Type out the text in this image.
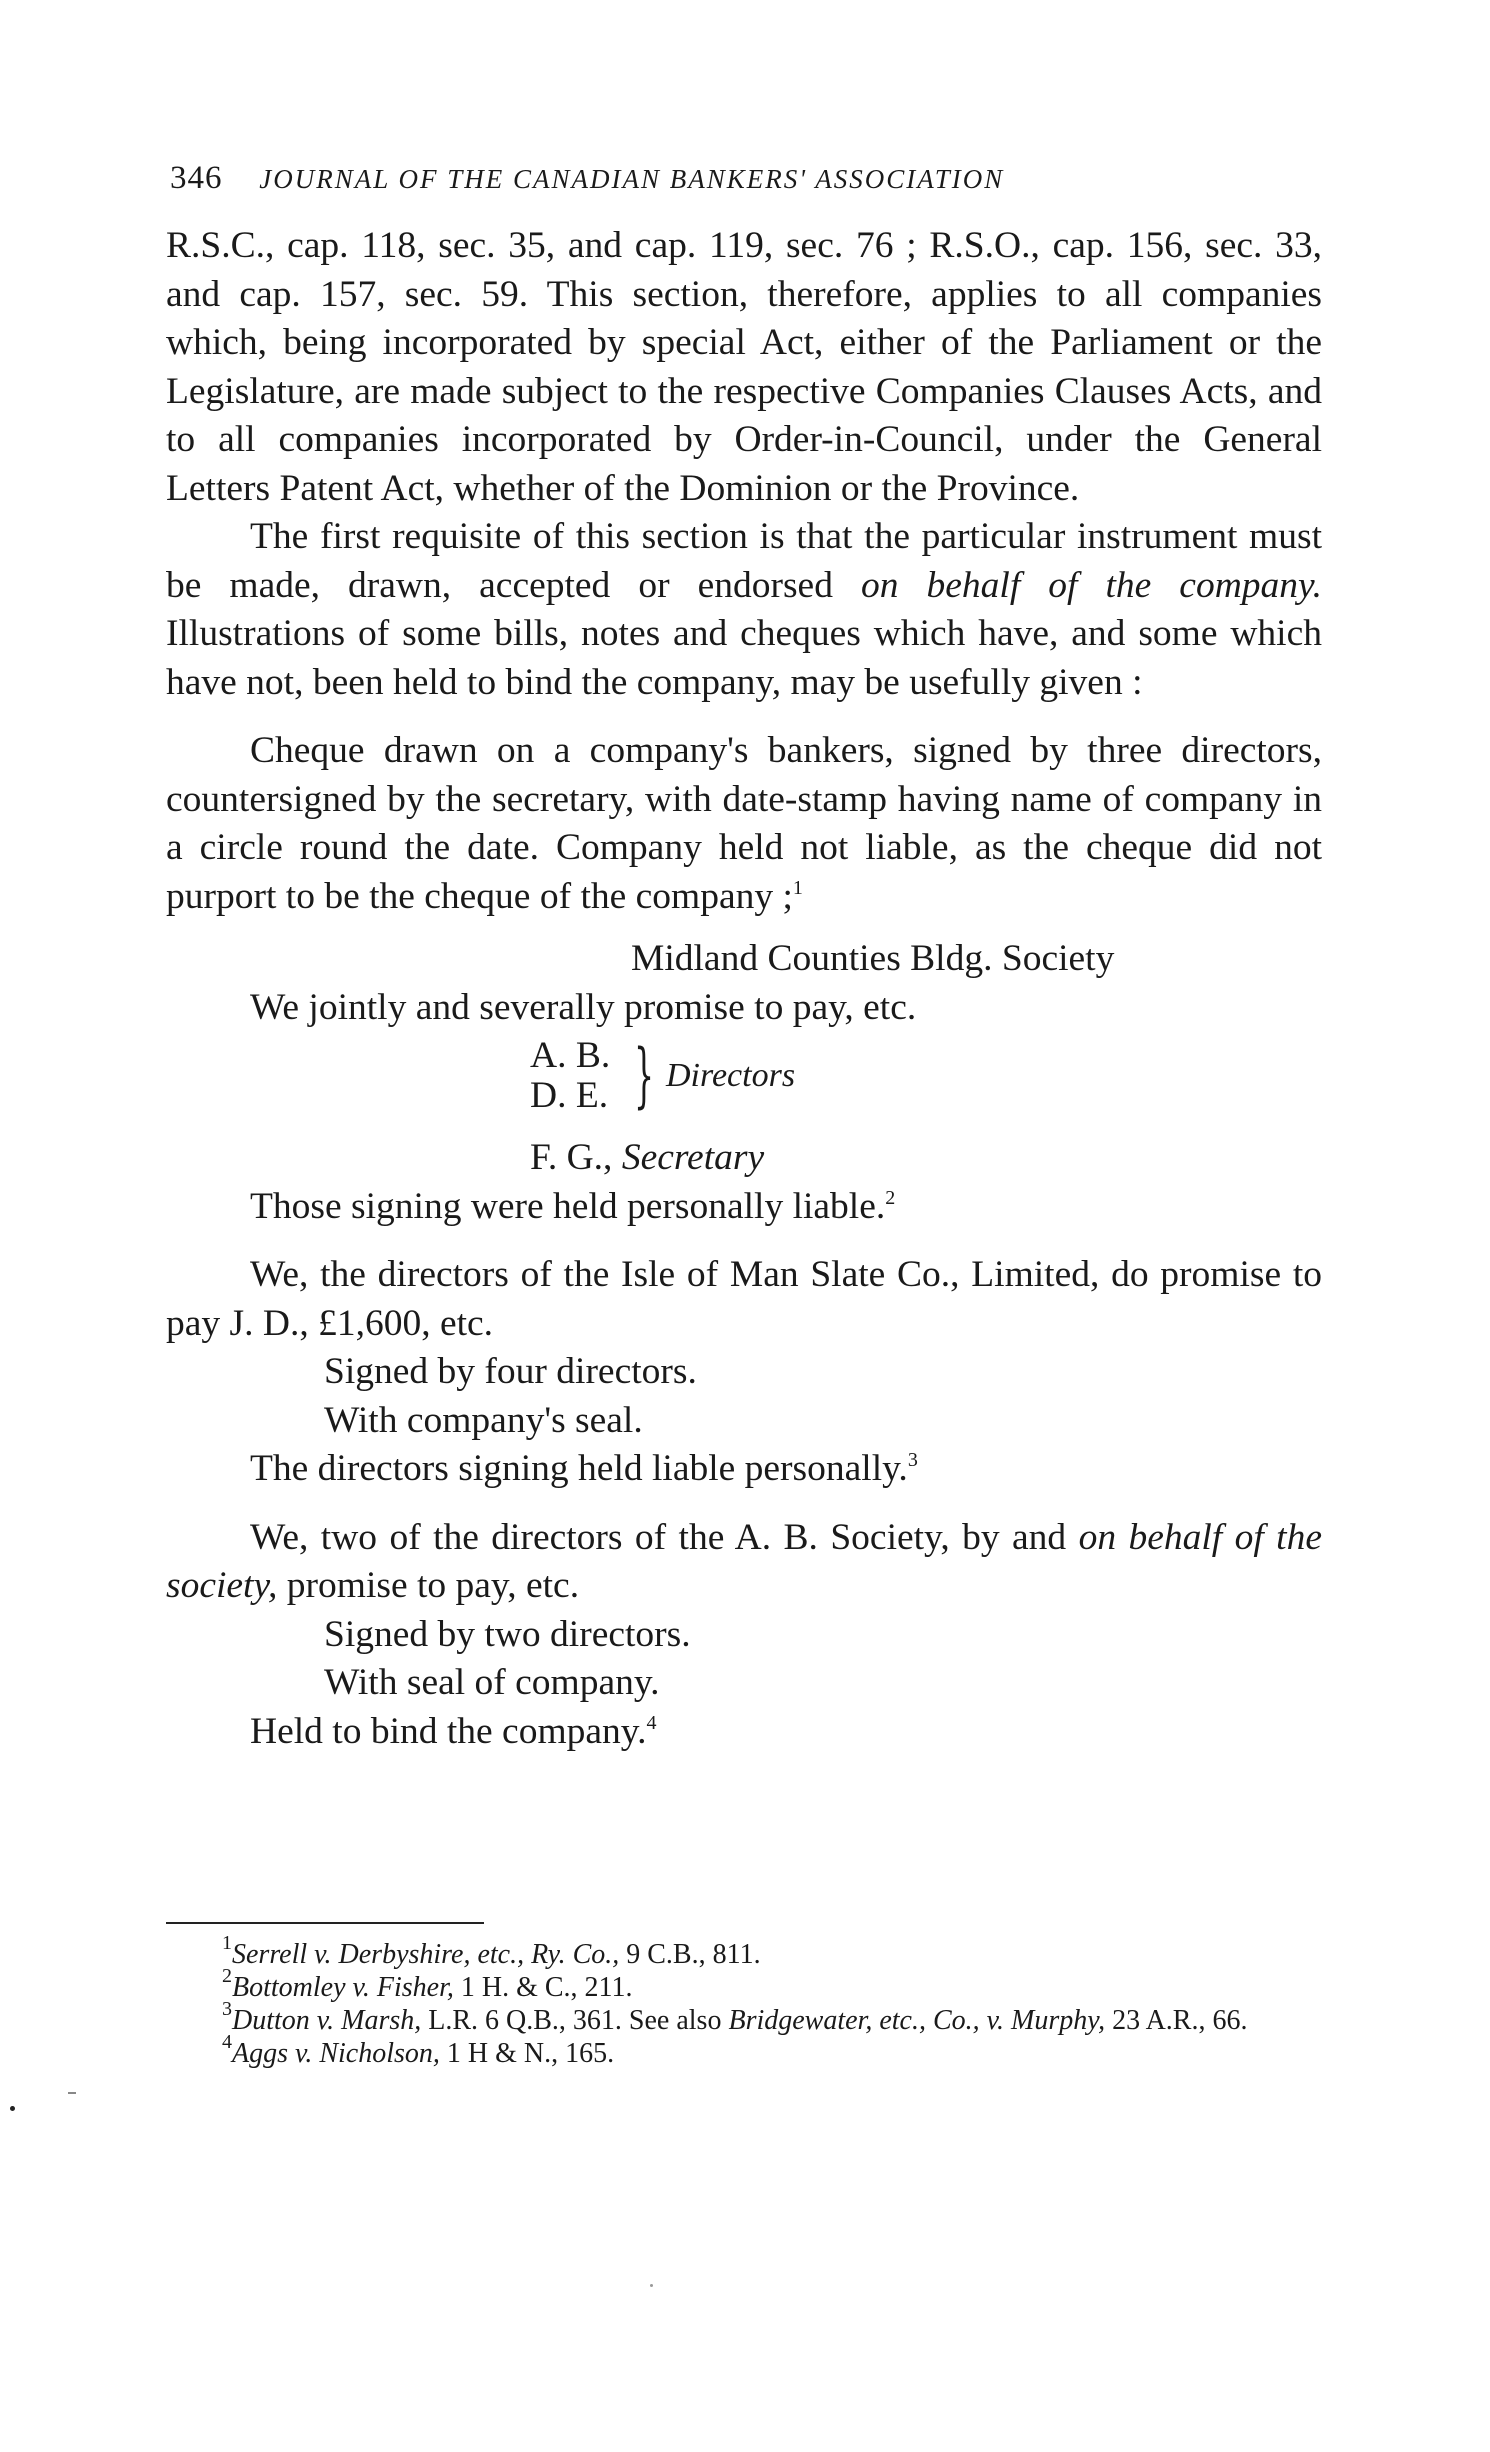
346 JOURNAL OF THE CANADIAN BANKERS' ASSOCIATION

R.S.C., cap. 118, sec. 35, and cap. 119, sec. 76 ; R.S.O., cap. 156, sec. 33, and cap. 157, sec. 59. This section, therefore, applies to all companies which, being incorporated by special Act, either of the Parliament or the Legislature, are made subject to the respective Companies Clauses Acts, and to all companies incorporated by Order-in-Council, under the General Letters Patent Act, whether of the Dominion or the Province.

The first requisite of this section is that the particular instrument must be made, drawn, accepted or endorsed on behalf of the company. Illustrations of some bills, notes and cheques which have, and some which have not, been held to bind the company, may be usefully given :

Cheque drawn on a company's bankers, signed by three directors, countersigned by the secretary, with date-stamp having name of company in a circle round the date. Company held not liable, as the cheque did not purport to be the cheque of the company ;$^1$

Midland Counties Bldg. Society

We jointly and severally promise to pay, etc.

A. B.
D. E. } Directors

F. G., Secretary

Those signing were held personally liable.$^2$

We, the directors of the Isle of Man Slate Co., Limited, do promise to pay J. D., £1,600, etc.

Signed by four directors.

With company's seal.

The directors signing held liable personally.$^3$

We, two of the directors of the A. B. Society, by and on behalf of the society, promise to pay, etc.

Signed by two directors.

With seal of company.

Held to bind the company.$^4$

$^1$Serrell v. Derbyshire, etc., Ry. Co., 9 C.B., 811.

$^2$Bottomley v. Fisher, 1 H. & C., 211.

$^3$Dutton v. Marsh, L.R. 6 Q.B., 361. See also Bridgewater, etc., Co., v. Murphy, 23 A.R., 66.

$^4$Aggs v. Nicholson, 1 H & N., 165.
